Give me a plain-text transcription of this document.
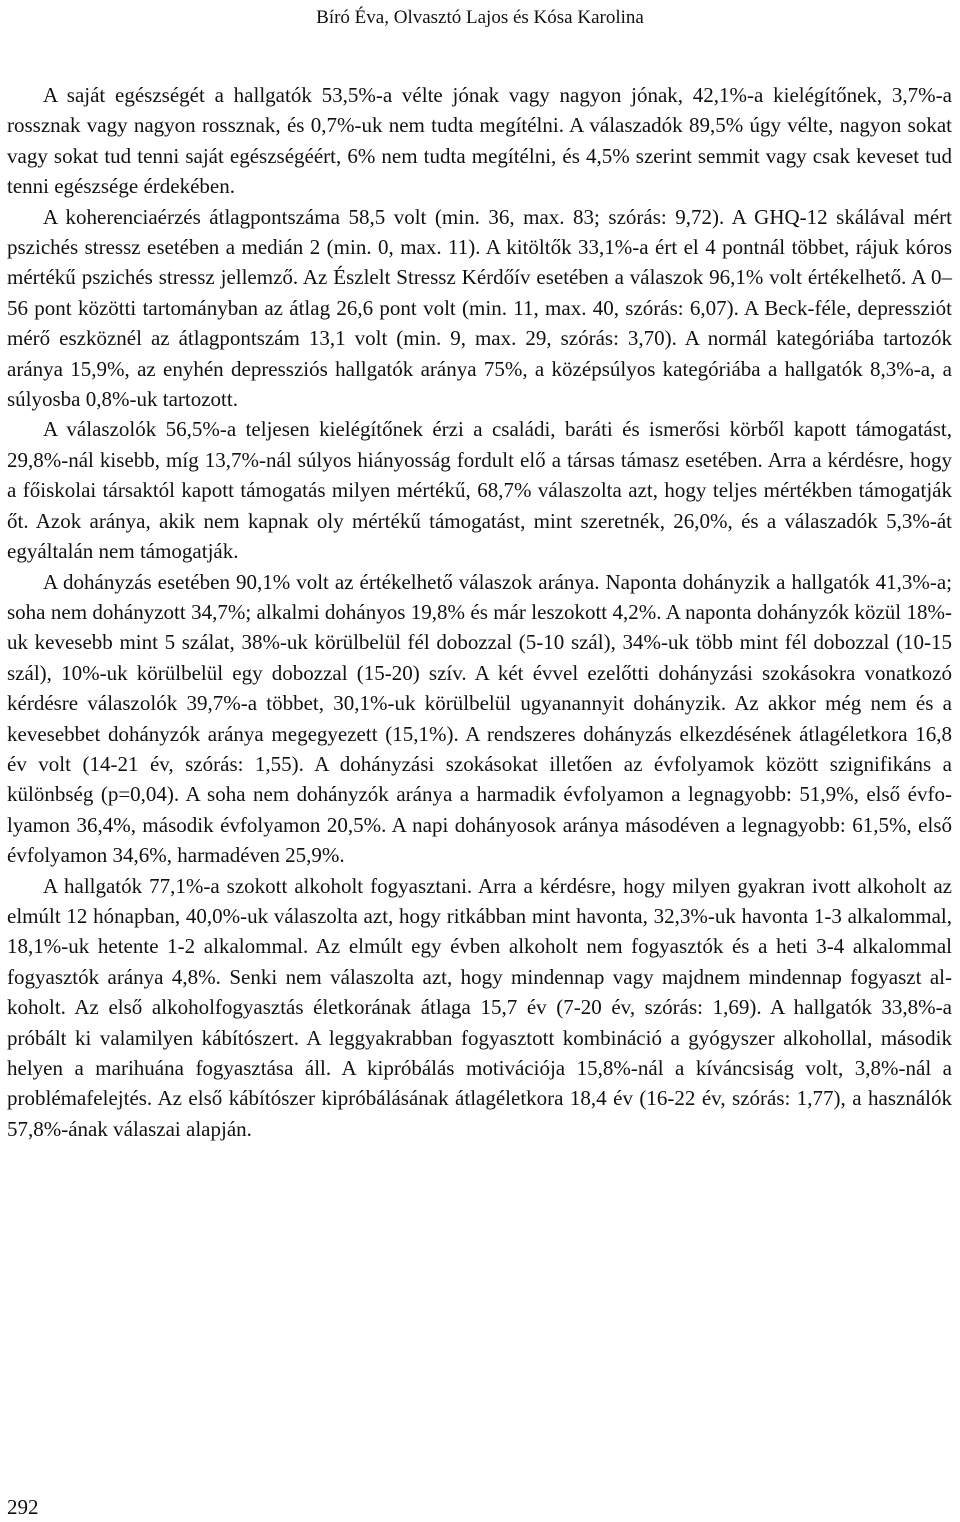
Bíró Éva, Olvasztó Lajos és Kósa Karolina

A saját egészségét a hallgatók 53,5%-a vélte jónak vagy nagyon jónak, 42,1%-a kielégítőnek, 3,7%-a rossznak vagy nagyon rossznak, és 0,7%-uk nem tudta megítélni. A válaszadók 89,5% úgy vélte, nagyon sokat vagy sokat tud tenni saját egészségéért, 6% nem tudta megítélni, és 4,5% szerint semmit vagy csak keveset tud tenni egészsége érdekében.

A koherenciaérzés átlagpontszáma 58,5 volt (min. 36, max. 83; szórás: 9,72). A GHQ-12 skálával mért pszichés stressz esetében a medián 2 (min. 0, max. 11). A kitöltők 33,1%-a ért el 4 pontnál többet, rájuk kóros mértékű pszichés stressz jellemző. Az Észlelt Stressz Kérdőív esetében a válaszok 96,1% volt értékelhető. A 0–56 pont közötti tartományban az átlag 26,6 pont volt (min. 11, max. 40, szórás: 6,07). A Beck-féle, depressziót mérő eszköznél az átlagpontszám 13,1 volt (min. 9, max. 29, szórás: 3,70). A normál kategóriába tartozók aránya 15,9%, az enyhén depressziós hallgatók aránya 75%, a középsúlyos kategóriába a hallgatók 8,3%-a, a súlyosba 0,8%-uk tartozott.

A válaszolók 56,5%-a teljesen kielégítőnek érzi a családi, baráti és ismerősi körből kapott támogatást, 29,8%-nál kisebb, míg 13,7%-nál súlyos hiányosság fordult elő a társas támasz esetében. Arra a kérdésre, hogy a főiskolai társaktól kapott támogatás milyen mértékű, 68,7% válaszolta azt, hogy teljes mértékben támogatják őt. Azok aránya, akik nem kapnak oly mértékű támogatást, mint szeretnék, 26,0%, és a válaszadók 5,3%-át egyáltalán nem támogatják.

A dohányzás esetében 90,1% volt az értékelhető válaszok aránya. Naponta dohányzik a hallgatók 41,3%-a; soha nem dohányzott 34,7%; alkalmi dohányos 19,8% és már leszokott 4,2%. A naponta dohányzók közül 18%-uk kevesebb mint 5 szálat, 38%-uk körülbelül fél dobozzal (5-10 szál), 34%-uk több mint fél dobozzal (10-15 szál), 10%-uk körülbelül egy dobozzal (15-20) szív. A két évvel ezelőtti dohányzási szokásokra vonatkozó kérdésre válaszolók 39,7%-a többet, 30,1%-uk körülbelül ugyanannyit dohányzik. Az akkor még nem és a kevesebbet dohányzók aránya megegyezett (15,1%). A rendszeres dohányzás elkezdésének átlagéletkora 16,8 év volt (14-21 év, szórás: 1,55). A dohányzási szokásokat illetően az évfolyamok között szignifikáns a különbség (p=0,04). A soha nem dohányzók aránya a harmadik évfolyamon a legnagyobb: 51,9%, első évfolyamon 36,4%, második évfolyamon 20,5%. A napi dohányosok aránya másodéven a legnagyobb: 61,5%, első évfolyamon 34,6%, harmadéven 25,9%.

A hallgatók 77,1%-a szokott alkoholt fogyasztani. Arra a kérdésre, hogy milyen gyakran ivott alkoholt az elmúlt 12 hónapban, 40,0%-uk válaszolta azt, hogy ritkábban mint havonta, 32,3%-uk havonta 1-3 alkalommal, 18,1%-uk hetente 1-2 alkalommal. Az elmúlt egy évben alkoholt nem fogyasztók és a heti 3-4 alkalommal fogyasztók aránya 4,8%. Senki nem válaszolta azt, hogy mindennap vagy majdnem mindennap fogyaszt alkoholt. Az első alkoholfogyasztás életkorának átlaga 15,7 év (7-20 év, szórás: 1,69). A hallgatók 33,8%-a próbált ki valamilyen kábítószert. A leggyakrabban fogyasztott kombináció a gyógyszer alkohollal, második helyen a marihuána fogyasztása áll. A kipróbálás motivációja 15,8%-nál a kíváncsiság volt, 3,8%-nál a problémafelejtés. Az első kábítószer kipróbálásának átlagéletkora 18,4 év (16-22 év, szórás: 1,77), a használók 57,8%-ának válaszai alapján.

292
